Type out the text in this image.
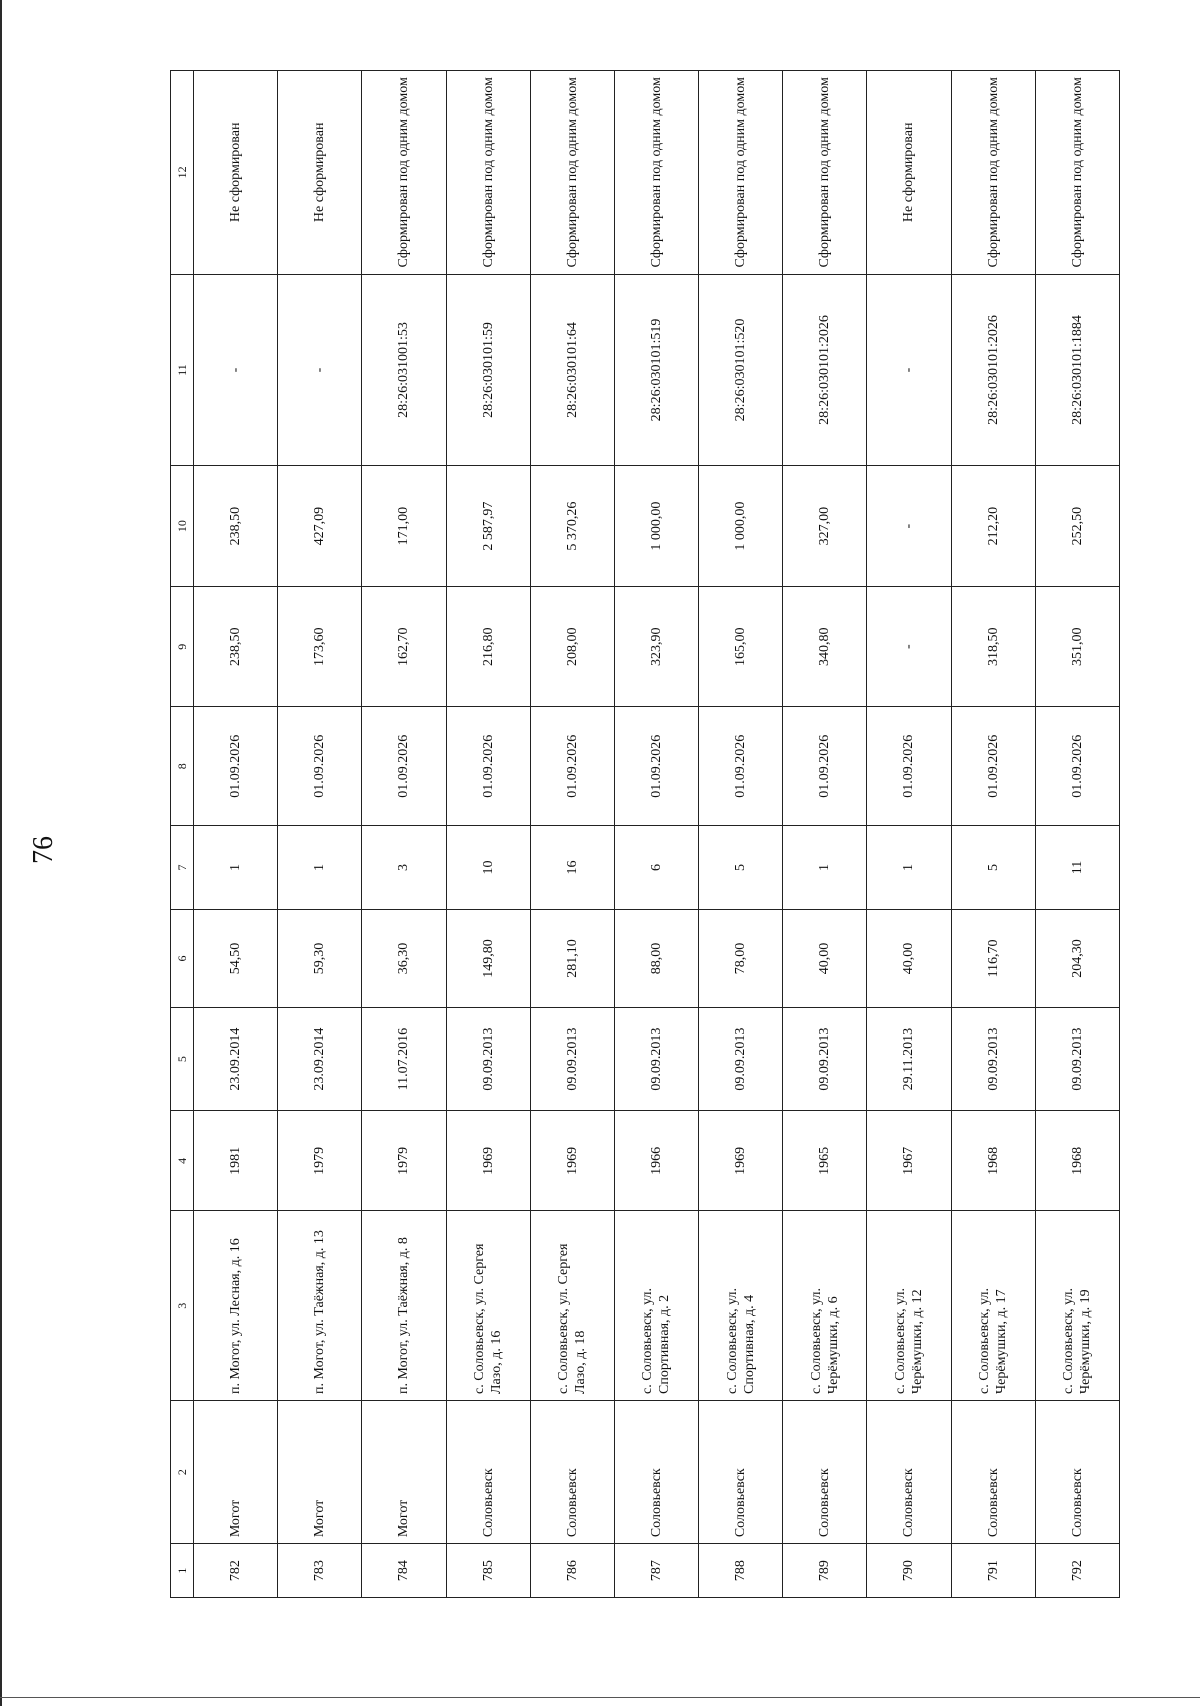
76
1	2	3	4	5	6	7	8	9	10	11	12
782	Могот	п. Могот, ул. Лесная, д. 16	1981	23.09.2014	54,50	1	01.09.2026	238,50	238,50	-	Не сформирован
783	Могот	п. Могот, ул. Таёжная, д. 13	1979	23.09.2014	59,30	1	01.09.2026	173,60	427,09	-	Не сформирован
784	Могот	п. Могот, ул. Таёжная, д. 8	1979	11.07.2016	36,30	3	01.09.2026	162,70	171,00	28:26:031001:53	Сформирован под одним домом
785	Соловьевск	с. Соловьевск, ул. Сергея Лазо, д. 16	1969	09.09.2013	149,80	10	01.09.2026	216,80	2 587,97	28:26:030101:59	Сформирован под одним домом
786	Соловьевск	с. Соловьевск, ул. Сергея Лазо, д. 18	1969	09.09.2013	281,10	16	01.09.2026	208,00	5 370,26	28:26:030101:64	Сформирован под одним домом
787	Соловьевск	с. Соловьевск, ул. Спортивная, д. 2	1966	09.09.2013	88,00	6	01.09.2026	323,90	1 000,00	28:26:030101:519	Сформирован под одним домом
788	Соловьевск	с. Соловьевск, ул. Спортивная, д. 4	1969	09.09.2013	78,00	5	01.09.2026	165,00	1 000,00	28:26:030101:520	Сформирован под одним домом
789	Соловьевск	с. Соловьевск, ул. Черёмушки, д. 6	1965	09.09.2013	40,00	1	01.09.2026	340,80	327,00	28:26:030101:2026	Сформирован под одним домом
790	Соловьевск	с. Соловьевск, ул. Черёмушки, д. 12	1967	29.11.2013	40,00	1	01.09.2026	-	-	-	Не сформирован
791	Соловьевск	с. Соловьевск, ул. Черёмушки, д. 17	1968	09.09.2013	116,70	5	01.09.2026	318,50	212,20	28:26:030101:2026	Сформирован под одним домом
792	Соловьевск	с. Соловьевск, ул. Черёмушки, д. 19	1968	09.09.2013	204,30	11	01.09.2026	351,00	252,50	28:26:030101:1884	Сформирован под одним домом
